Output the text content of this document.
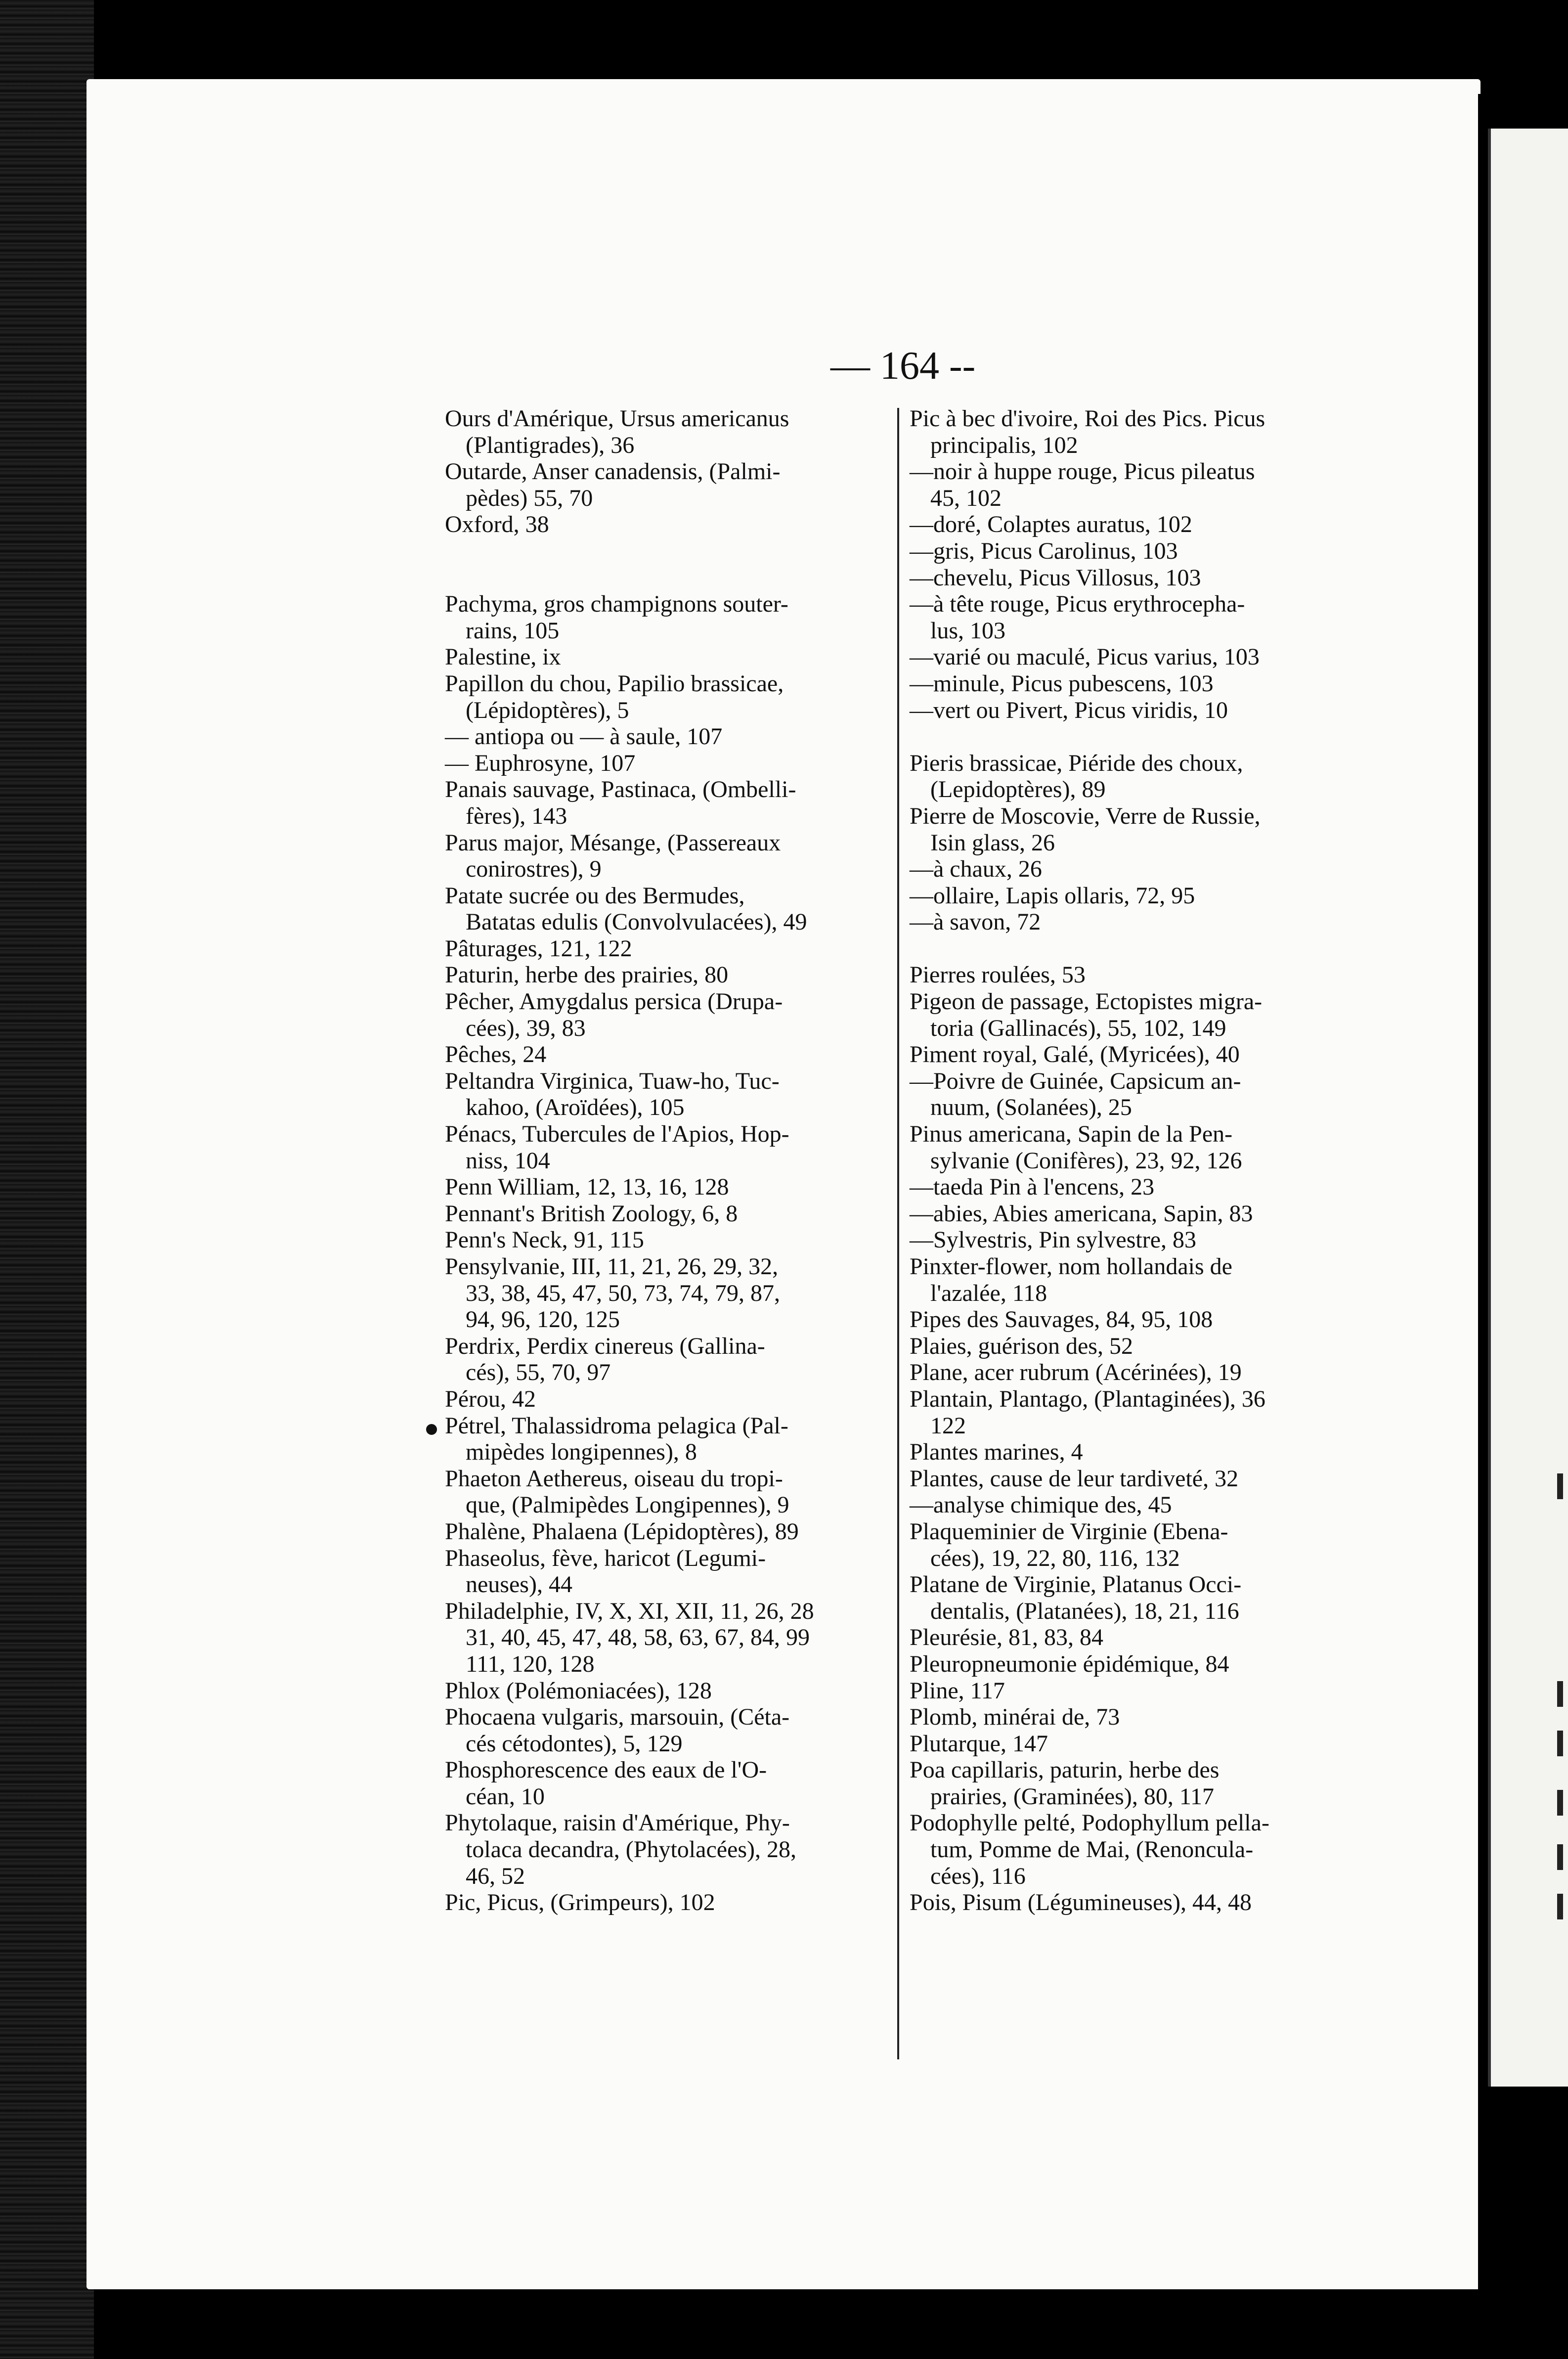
— 164 --
Ours d'Amérique, Ursus americanus
(Plantigrades), 36
Outarde, Anser canadensis, (Palmi-
pèdes) 55, 70
Oxford, 38
Pachyma, gros champignons souter-
rains, 105
Palestine, ix
Papillon du chou, Papilio brassicae,
(Lépidoptères), 5
— antiopa ou — à saule, 107
— Euphrosyne, 107
Panais sauvage, Pastinaca, (Ombelli-
fères), 143
Parus major, Mésange, (Passereaux
conirostres), 9
Patate sucrée ou des Bermudes,
Batatas edulis (Convolvulacées), 49
Pâturages, 121, 122
Paturin, herbe des prairies, 80
Pêcher, Amygdalus persica (Drupa-
cées), 39, 83
Pêches, 24
Peltandra Virginica, Tuaw-ho, Tuc-
kahoo, (Aroïdées), 105
Pénacs, Tubercules de l'Apios, Hop-
niss, 104
Penn William, 12, 13, 16, 128
Pennant's British Zoology, 6, 8
Penn's Neck, 91, 115
Pensylvanie, III, 11, 21, 26, 29, 32,
33, 38, 45, 47, 50, 73, 74, 79, 87,
94, 96, 120, 125
Perdrix, Perdix cinereus (Gallina-
cés), 55, 70, 97
Pérou, 42
Pétrel, Thalassidroma pelagica (Pal-
mipèdes longipennes), 8
Phaeton Aethereus, oiseau du tropi-
que, (Palmipèdes Longipennes), 9
Phalène, Phalaena (Lépidoptères), 89
Phaseolus, fève, haricot (Legumi-
neuses), 44
Philadelphie, IV, X, XI, XII, 11, 26, 28
31, 40, 45, 47, 48, 58, 63, 67, 84, 99
111, 120, 128
Phlox (Polémoniacées), 128
Phocaena vulgaris, marsouin, (Céta-
cés cétodontes), 5, 129
Phosphorescence des eaux de l'O-
céan, 10
Phytolaque, raisin d'Amérique, Phy-
tolaca decandra, (Phytolacées), 28,
46, 52
Pic, Picus, (Grimpeurs), 102
Pic à bec d'ivoire, Roi des Pics. Picus
principalis, 102
—noir à huppe rouge, Picus pileatus
45, 102
—doré, Colaptes auratus, 102
—gris, Picus Carolinus, 103
—chevelu, Picus Villosus, 103
—à tête rouge, Picus erythrocepha-
lus, 103
—varié ou maculé, Picus varius, 103
—minule, Picus pubescens, 103
—vert ou Pivert, Picus viridis, 10
Pieris brassicae, Piéride des choux,
(Lepidoptères), 89
Pierre de Moscovie, Verre de Russie,
Isin glass, 26
—à chaux, 26
—ollaire, Lapis ollaris, 72, 95
—à savon, 72
Pierres roulées, 53
Pigeon de passage, Ectopistes migra-
toria (Gallinacés), 55, 102, 149
Piment royal, Galé, (Myricées), 40
—Poivre de Guinée, Capsicum an-
nuum, (Solanées), 25
Pinus americana, Sapin de la Pen-
sylvanie (Conifères), 23, 92, 126
—taeda Pin à l'encens, 23
—abies, Abies americana, Sapin, 83
—Sylvestris, Pin sylvestre, 83
Pinxter-flower, nom hollandais de
l'azalée, 118
Pipes des Sauvages, 84, 95, 108
Plaies, guérison des, 52
Plane, acer rubrum (Acérinées), 19
Plantain, Plantago, (Plantaginées), 36
122
Plantes marines, 4
Plantes, cause de leur tardiveté, 32
—analyse chimique des, 45
Plaqueminier de Virginie (Ebena-
cées), 19, 22, 80, 116, 132
Platane de Virginie, Platanus Occi-
dentalis, (Platanées), 18, 21, 116
Pleurésie, 81, 83, 84
Pleuropneumonie épidémique, 84
Pline, 117
Plomb, minérai de, 73
Plutarque, 147
Poa capillaris, paturin, herbe des
prairies, (Graminées), 80, 117
Podophylle pelté, Podophyllum pella-
tum, Pomme de Mai, (Renoncula-
cées), 116
Pois, Pisum (Légumineuses), 44, 48
